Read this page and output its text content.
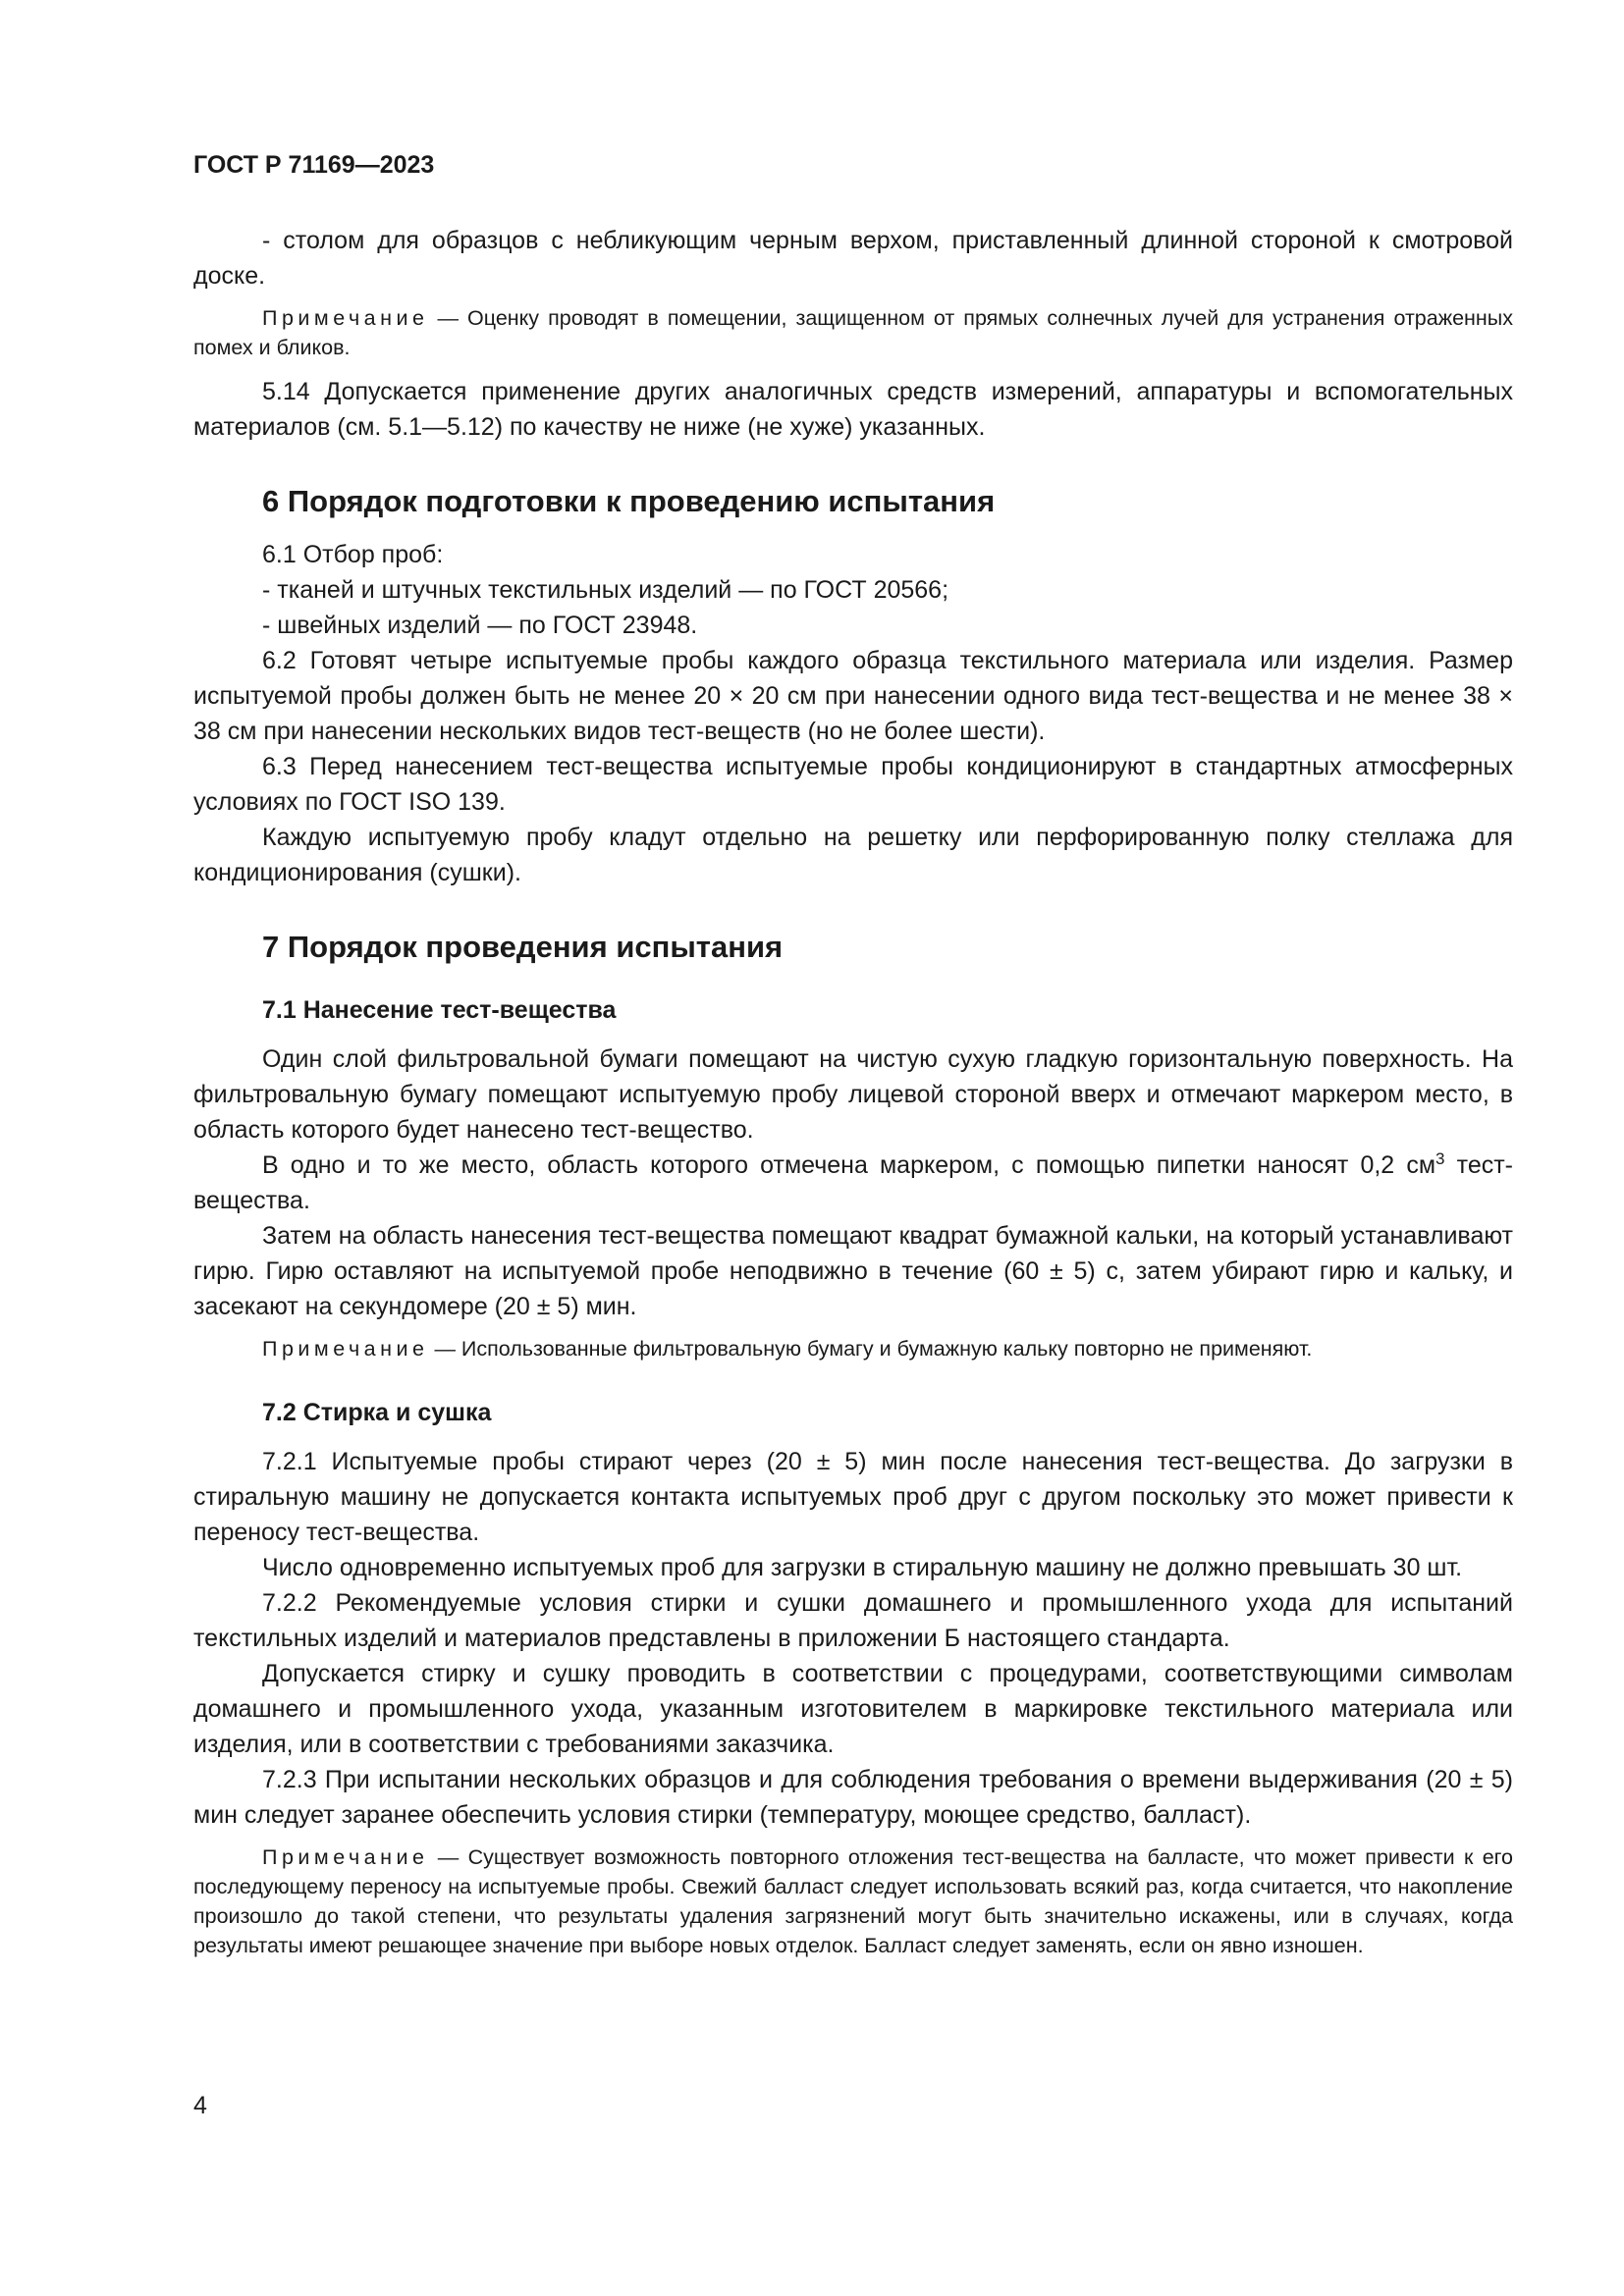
ГОСТ Р 71169—2023

- столом для образцов с небликующим черным верхом, приставленный длинной стороной к смотровой доске.

Примечание — Оценку проводят в помещении, защищенном от прямых солнечных лучей для устранения отраженных помех и бликов.

5.14 Допускается применение других аналогичных средств измерений, аппаратуры и вспомогательных материалов (см. 5.1—5.12) по качеству не ниже (не хуже) указанных.

6 Порядок подготовки к проведению испытания

6.1 Отбор проб:

- тканей и штучных текстильных изделий — по ГОСТ 20566;

- швейных изделий — по ГОСТ 23948.

6.2 Готовят четыре испытуемые пробы каждого образца текстильного материала или изделия. Размер испытуемой пробы должен быть не менее 20 × 20 см при нанесении одного вида тест-вещества и не менее 38 × 38 см при нанесении нескольких видов тест-веществ (но не более шести).

6.3 Перед нанесением тест-вещества испытуемые пробы кондиционируют в стандартных атмосферных условиях по ГОСТ ISO 139.

Каждую испытуемую пробу кладут отдельно на решетку или перфорированную полку стеллажа для кондиционирования (сушки).

7 Порядок проведения испытания
7.1 Нанесение тест-вещества

Один слой фильтровальной бумаги помещают на чистую сухую гладкую горизонтальную поверхность. На фильтровальную бумагу помещают испытуемую пробу лицевой стороной вверх и отмечают маркером место, в область которого будет нанесено тест-вещество.

В одно и то же место, область которого отмечена маркером, с помощью пипетки наносят 0,2 $см^3$ тест-вещества.

Затем на область нанесения тест-вещества помещают квадрат бумажной кальки, на который устанавливают гирю. Гирю оставляют на испытуемой пробе неподвижно в течение (60 ± 5) с, затем убирают гирю и кальку, и засекают на секундомере (20 ± 5) мин.

Примечание — Использованные фильтровальную бумагу и бумажную кальку повторно не применяют.

7.2 Стирка и сушка

7.2.1 Испытуемые пробы стирают через (20 ± 5) мин после нанесения тест-вещества. До загрузки в стиральную машину не допускается контакта испытуемых проб друг с другом поскольку это может привести к переносу тест-вещества.

Число одновременно испытуемых проб для загрузки в стиральную машину не должно превышать 30 шт.

7.2.2 Рекомендуемые условия стирки и сушки домашнего и промышленного ухода для испытаний текстильных изделий и материалов представлены в приложении Б настоящего стандарта.

Допускается стирку и сушку проводить в соответствии с процедурами, соответствующими символам домашнего и промышленного ухода, указанным изготовителем в маркировке текстильного материала или изделия, или в соответствии с требованиями заказчика.

7.2.3 При испытании нескольких образцов и для соблюдения требования о времени выдерживания (20 ± 5) мин следует заранее обеспечить условия стирки (температуру, моющее средство, балласт).

Примечание — Существует возможность повторного отложения тест-вещества на балласте, что может привести к его последующему переносу на испытуемые пробы. Свежий балласт следует использовать всякий раз, когда считается, что накопление произошло до такой степени, что результаты удаления загрязнений могут быть значительно искажены, или в случаях, когда результаты имеют решающее значение при выборе новых отделок. Балласт следует заменять, если он явно изношен.

4
